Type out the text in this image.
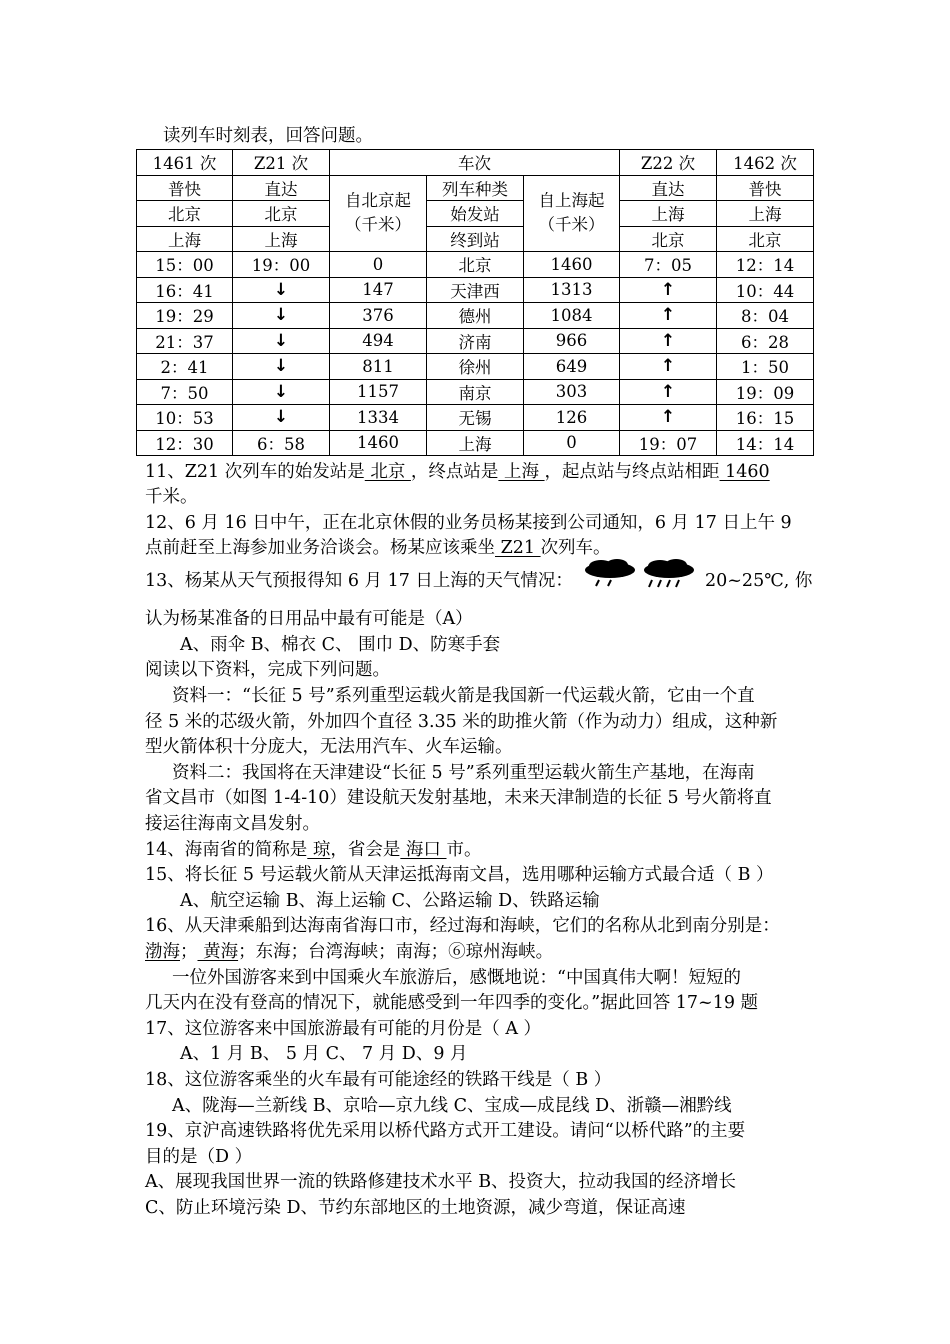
读列车时刻表，回答问题。
1461 次	Z21 次	车次			Z22 次	1462 次
普快	直达	自北京起（千米）	列车种类	自上海起（千米）	直达	普快
北京	北京		始发站		上海	上海
上海	上海		终到站		北京	北京
15：00	19：00	0	北京	1460	7：05	12：14
16：41	↓	147	天津西	1313	↑	10：44
19：29	↓	376	德州	1084	↑	8：04
21：37	↓	494	济南	966	↑	6：28
2：41	↓	811	徐州	649	↑	1：50
7：50	↓	1157	南京	303	↑	19：09
10：53	↓	1334	无锡	126	↑	16：15
12：30	6：58	1460	上海	0	19：07	14：14
11、Z21 次列车的始发站是 北京 ，终点站是 上海 ，起点站与终点站相距 1460
千米。
12、6 月 16 日中午，正在北京休假的业务员杨某接到公司通知，6 月 17 日上午 9
点前赶至上海参加业务洽谈会。杨某应该乘坐 Z21 次列车。
13、杨某从天气预报得知 6 月 17 日上海的天气情况：	20~25℃, 你
认为杨某准备的日用品中最有可能是（A）
A、雨伞 B、棉衣 C、 围巾 D、防寒手套
阅读以下资料，完成下列问题。
资料一：“长征 5 号”系列重型运载火箭是我国新一代运载火箭，它由一个直
径 5 米的芯级火箭，外加四个直径 3.35 米的助推火箭（作为动力）组成，这种新
型火箭体积十分庞大，无法用汽车、火车运输。
资料二：我国将在天津建设“长征 5 号”系列重型运载火箭生产基地，在海南
省文昌市（如图 1-4-10）建设航天发射基地，未来天津制造的长征 5 号火箭将直
接运往海南文昌发射。
14、海南省的简称是 琼，省会是 海口 市。
15、将长征 5 号运载火箭从天津运抵海南文昌，选用哪种运输方式最合适（ B ）
A、航空运输 B、海上运输 C、公路运输 D、铁路运输
16、从天津乘船到达海南省海口市，经过海和海峡，它们的名称从北到南分别是：
渤海； 黄海；东海；台湾海峡；南海；⑥琼州海峡。
一位外国游客来到中国乘火车旅游后，感慨地说：“中国真伟大啊！短短的
几天内在没有登高的情况下，就能感受到一年四季的变化。”据此回答 17~19 题
17、这位游客来中国旅游最有可能的月份是（ A ）
A、1 月 B、 5 月 C、 7 月 D、9 月
18、这位游客乘坐的火车最有可能途经的铁路干线是（ B ）
A、陇海—兰新线 B、京哈—京九线 C、宝成—成昆线 D、浙赣—湘黔线
19、京沪高速铁路将优先采用以桥代路方式开工建设。请问“以桥代路”的主要
目的是（D ）
A、展现我国世界一流的铁路修建技术水平 B、投资大，拉动我国的经济增长
C、防止环境污染 D、节约东部地区的土地资源，减少弯道，保证高速
